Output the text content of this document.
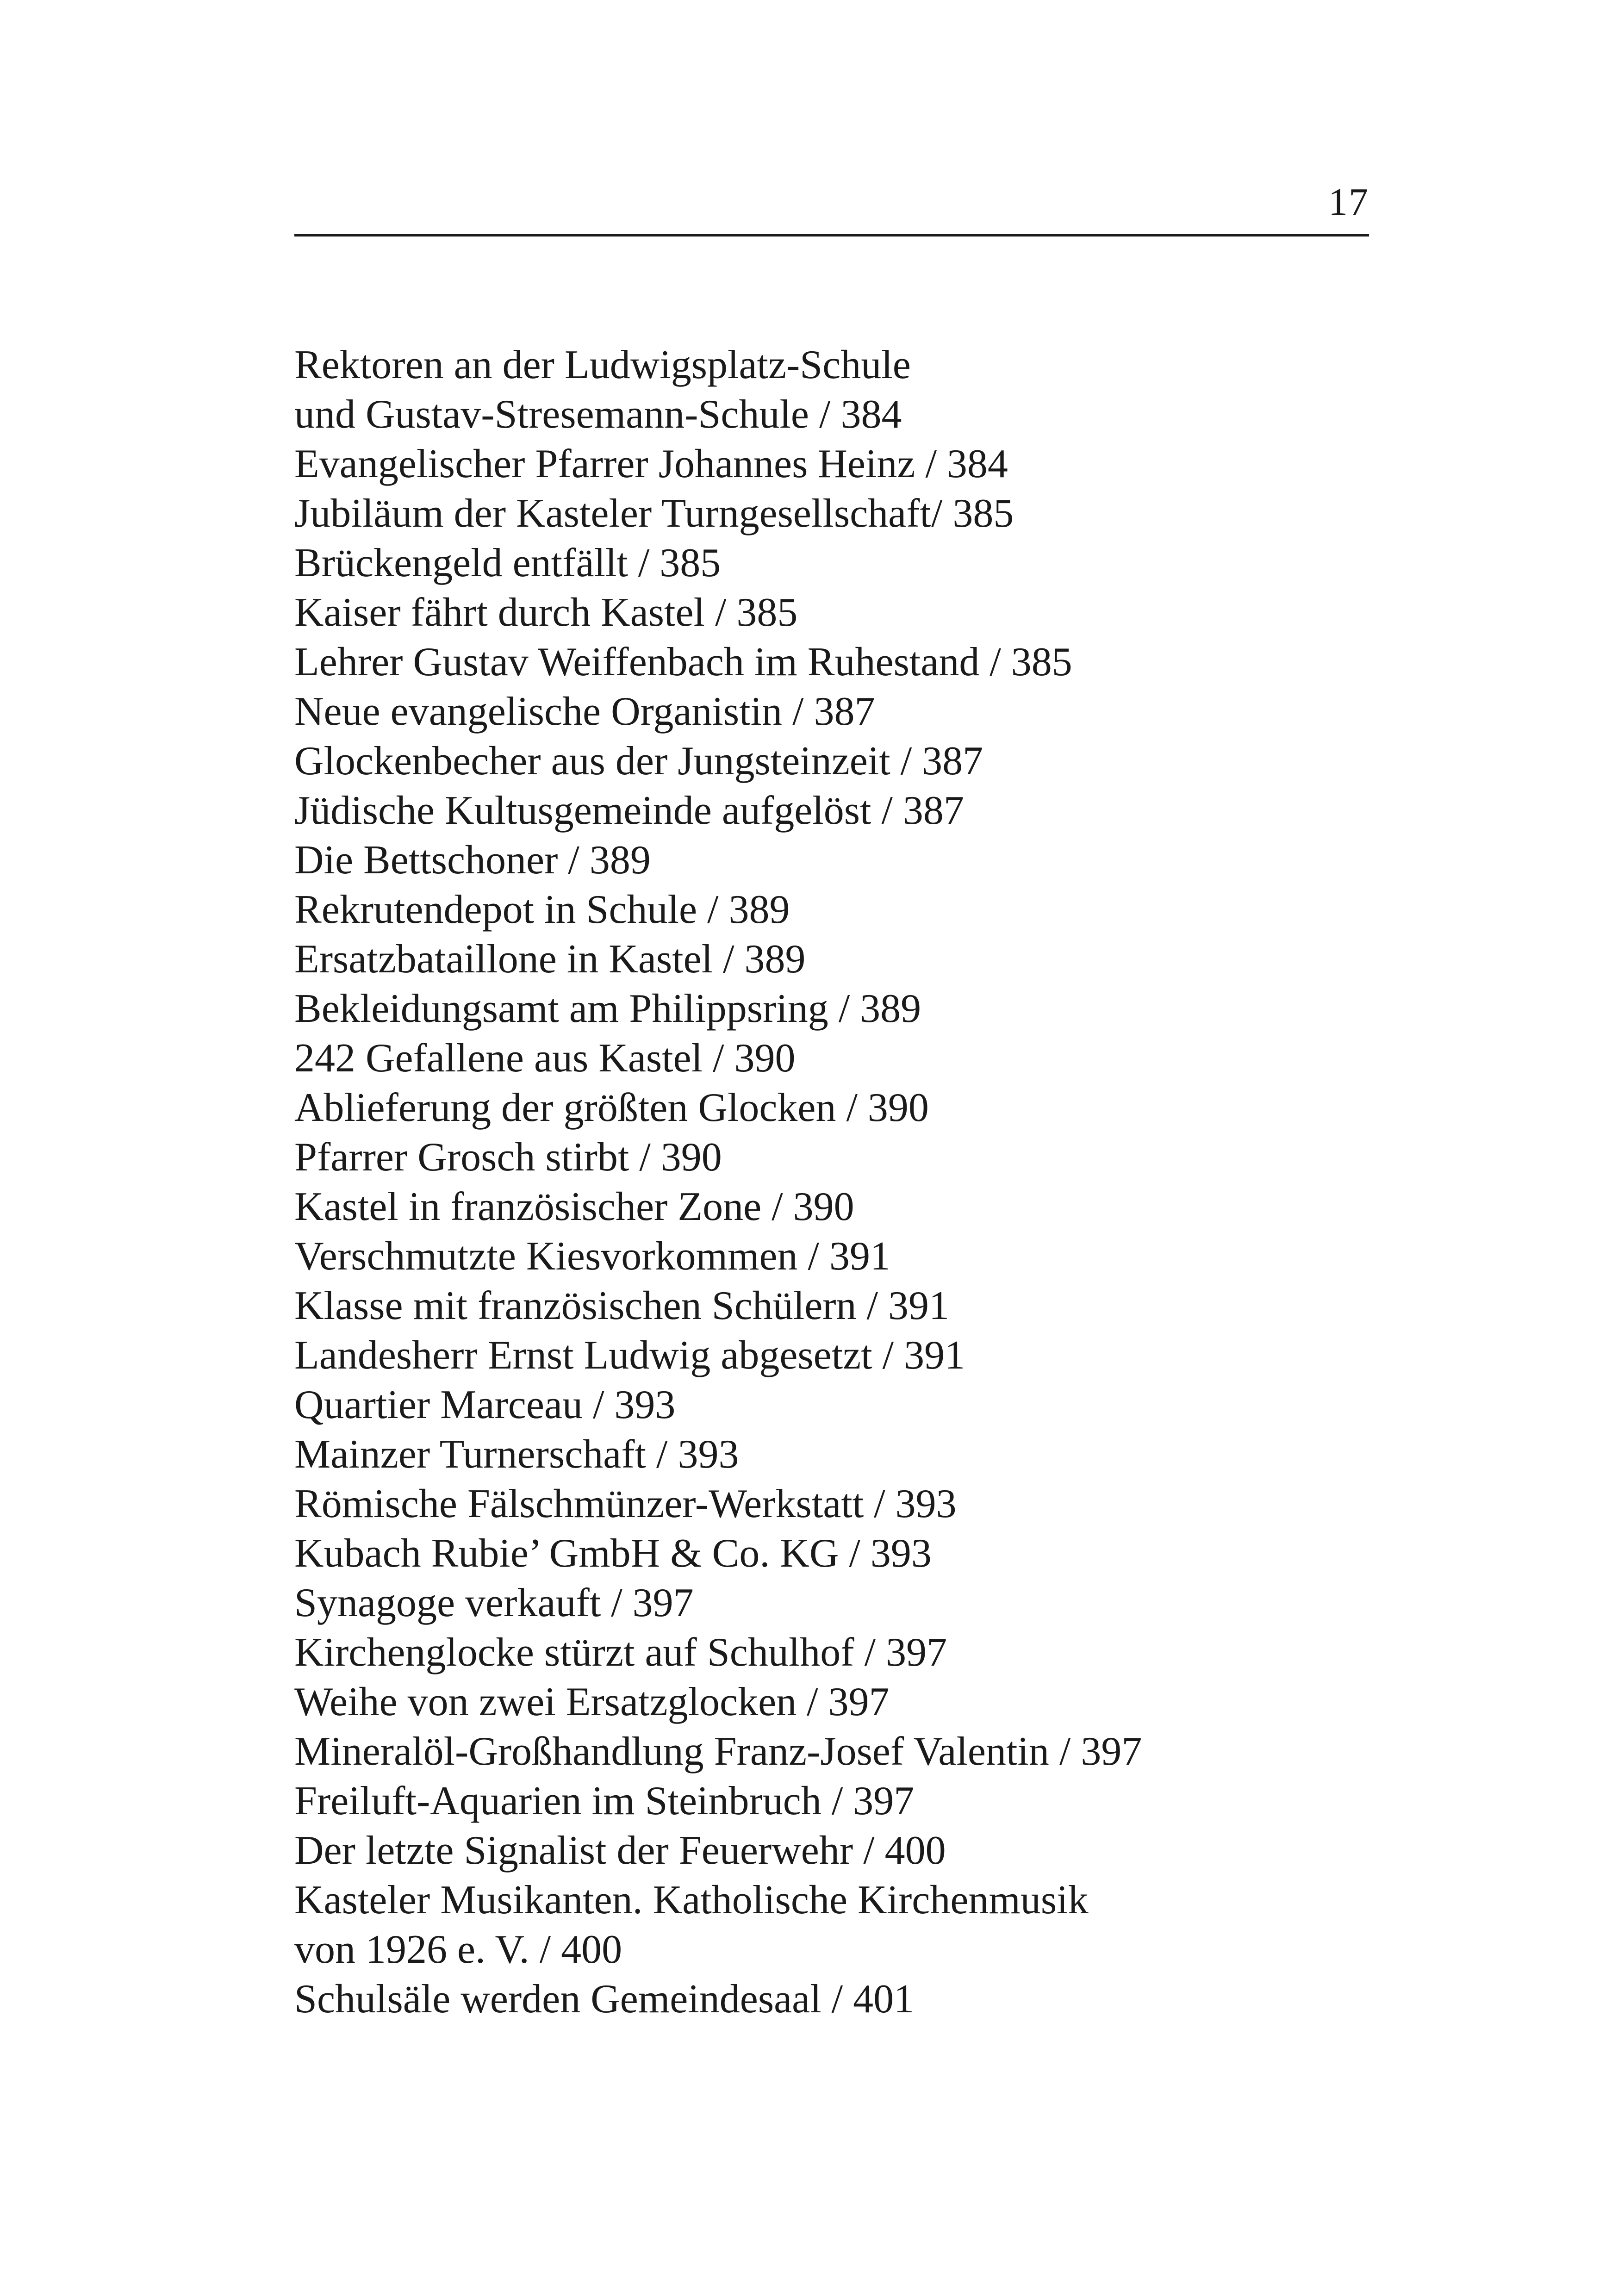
17
Rektoren an der Ludwigsplatz-Schule
und Gustav-Stresemann-Schule / 384
Evangelischer Pfarrer Johannes Heinz / 384
Jubiläum der Kasteler Turngesellschaft/ 385
Brückengeld entfällt / 385
Kaiser fährt durch Kastel / 385
Lehrer Gustav Weiffenbach im Ruhestand / 385
Neue evangelische Organistin / 387
Glockenbecher aus der Jungsteinzeit / 387
Jüdische Kultusgemeinde aufgelöst / 387
Die Bettschoner / 389
Rekrutendepot in Schule / 389
Ersatzbataillone in Kastel / 389
Bekleidungsamt am Philippsring / 389
242 Gefallene aus Kastel / 390
Ablieferung der größten Glocken / 390
Pfarrer Grosch stirbt / 390
Kastel in französischer Zone / 390
Verschmutzte Kiesvorkommen / 391
Klasse mit französischen Schülern / 391
Landesherr Ernst Ludwig abgesetzt / 391
Quartier Marceau / 393
Mainzer Turnerschaft / 393
Römische Fälschmünzer-Werkstatt / 393
Kubach Rubie’ GmbH & Co. KG / 393
Synagoge verkauft / 397
Kirchenglocke stürzt auf Schulhof / 397
Weihe von zwei Ersatzglocken / 397
Mineralöl-Großhandlung Franz-Josef Valentin / 397
Freiluft-Aquarien im Steinbruch / 397
Der letzte Signalist der Feuerwehr / 400
Kasteler Musikanten. Katholische Kirchenmusik
von 1926 e. V. / 400
Schulsäle werden Gemeindesaal / 401
